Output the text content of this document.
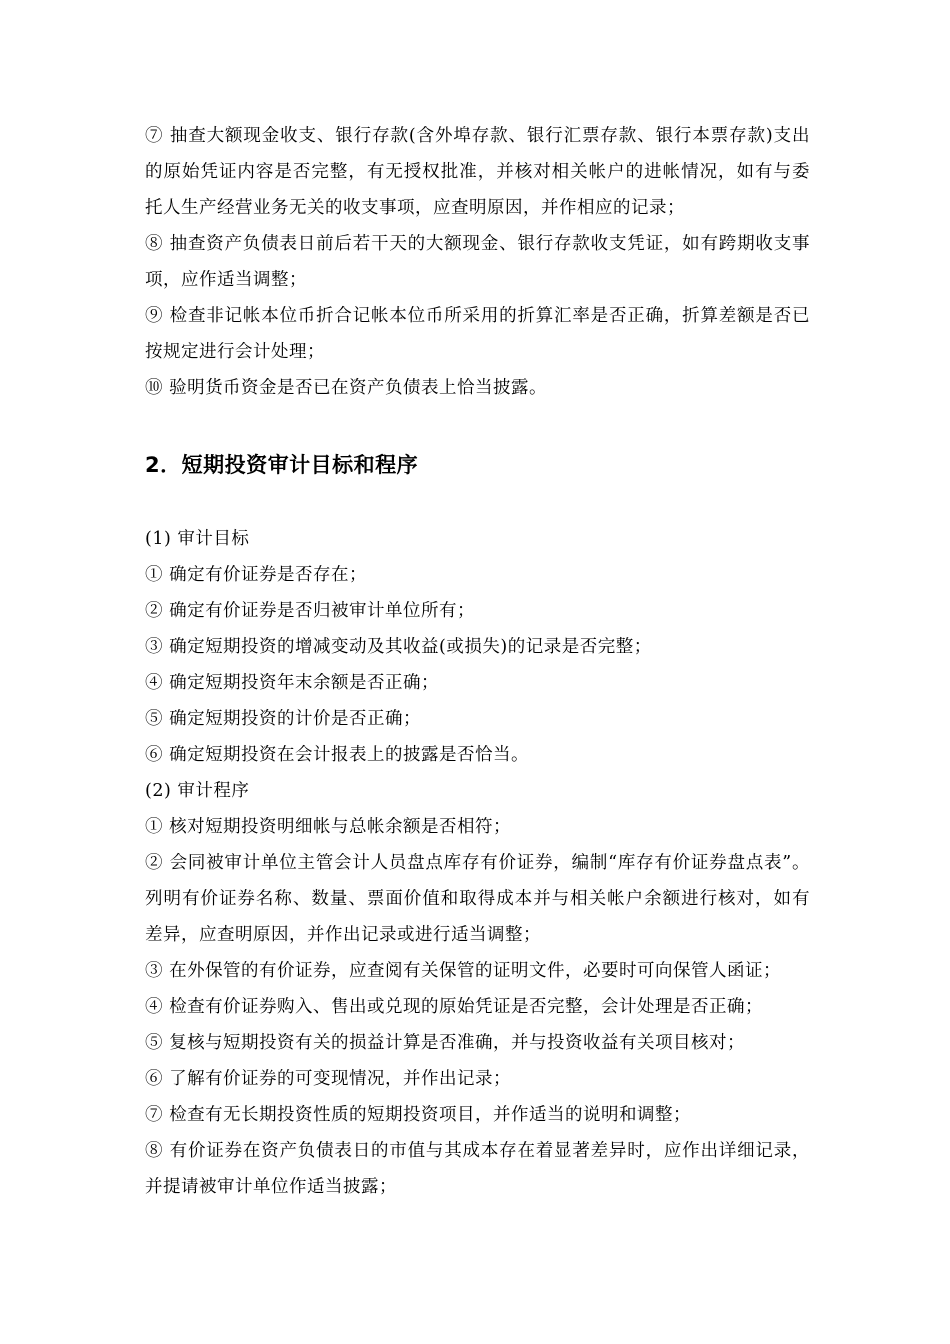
⑦ 抽查大额现金收支、银行存款(含外埠存款、银行汇票存款、银行本票存款)支出的原始凭证内容是否完整，有无授权批准，并核对相关帐户的进帐情况，如有与委托人生产经营业务无关的收支事项，应查明原因，并作相应的记录；

⑧ 抽查资产负债表日前后若干天的大额现金、银行存款收支凭证，如有跨期收支事项，应作适当调整；

⑨ 检查非记帐本位币折合记帐本位币所采用的折算汇率是否正确，折算差额是否已按规定进行会计处理；

⑩ 验明货币资金是否已在资产负债表上恰当披露。

2．短期投资审计目标和程序

(1) 审计目标

① 确定有价证券是否存在；

② 确定有价证券是否归被审计单位所有；

③ 确定短期投资的增减变动及其收益(或损失)的记录是否完整；

④ 确定短期投资年末余额是否正确；

⑤ 确定短期投资的计价是否正确；

⑥ 确定短期投资在会计报表上的披露是否恰当。

(2) 审计程序

① 核对短期投资明细帐与总帐余额是否相符；

② 会同被审计单位主管会计人员盘点库存有价证券，编制“库存有价证券盘点表”。列明有价证券名称、数量、票面价值和取得成本并与相关帐户余额进行核对，如有差异，应查明原因，并作出记录或进行适当调整；

③ 在外保管的有价证券，应查阅有关保管的证明文件，必要时可向保管人函证；

④ 检查有价证券购入、售出或兑现的原始凭证是否完整，会计处理是否正确；

⑤ 复核与短期投资有关的损益计算是否准确，并与投资收益有关项目核对；

⑥ 了解有价证券的可变现情况，并作出记录；

⑦ 检查有无长期投资性质的短期投资项目，并作适当的说明和调整；

⑧ 有价证券在资产负债表日的市值与其成本存在着显著差异时，应作出详细记录，并提请被审计单位作适当披露；
